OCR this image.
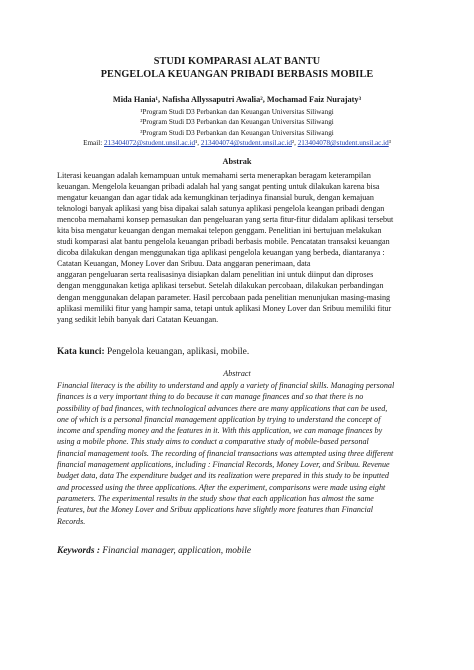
STUDI KOMPARASI ALAT BANTU
PENGELOLA KEUANGAN PRIBADI BERBASIS MOBILE
Mida Hania¹, Nafisha Allyssaputri Awalia², Mochamad Faiz Nurajaty³
¹Program Studi D3 Perbankan dan Keuangan Universitas Siliwangi
²Program Studi D3 Perbankan dan Keuangan Universitas Siliwangi
³Program Studi D3 Perbankan dan Keuangan Universitas Siliwangi
Email: 213404072@student.unsil.ac.id¹, 213404074@student.unsil.ac.id², 213404078@student.unsil.ac.id³
Abstrak
Literasi keuangan adalah kemampuan untuk memahami serta menerapkan beragam keterampilan
keuangan. Mengelola keuangan pribadi adalah hal yang sangat penting untuk dilakukan karena bisa
mengatur keuangan dan agar tidak ada kemungkinan terjadinya finansial buruk, dengan kemajuan
teknologi banyak aplikasi yang bisa dipakai salah satunya aplikasi pengelola keangan pribadi dengan
mencoba memahami konsep pemasukan dan pengeluaran yang serta fitur-fitur didalam aplikasi tersebut
kita bisa mengatur keuangan dengan memakai telepon genggam. Penelitian ini bertujuan melakukan
studi komparasi alat bantu pengelola keuangan pribadi berbasis mobile. Pencatatan transaksi keuangan
dicoba dilakukan dengan menggunakan tiga aplikasi pengelola keuangan yang berbeda, diantaranya :
Catatan Keuangan, Money Lover dan Sribuu. Data anggaran penerimaan, data
anggaran pengeluaran serta realisasinya disiapkan dalam penelitian ini untuk diinput dan diproses
dengan menggunakan ketiga aplikasi tersebut. Setelah dilakukan percobaan, dilakukan perbandingan
dengan menggunakan delapan parameter. Hasil percobaan pada penelitian menunjukan masing-masing
aplikasi memiliki fitur yang hampir sama, tetapi untuk aplikasi Money Lover dan Sribuu memiliki fitur
yang sedikit lebih banyak dari Catatan Keuangan.
Kata kunci: Pengelola keuangan, aplikasi, mobile.
Abstract
Financial literacy is the ability to understand and apply a variety of financial skills. Managing personal
finances is a very important thing to do because it can manage finances and so that there is no
possibility of bad finances, with technological advances there are many applications that can be used,
one of which is a personal financial management application by trying to understand the concept of
income and spending money and the features in it. With this application, we can manage finances by
using a mobile phone. This study aims to conduct a comparative study of mobile-based personal
financial management tools. The recording of financial transactions was attempted using three different
financial management applications, including : Financial Records, Money Lover, and Sribuu. Revenue
budget data, data The expenditure budget and its realization were prepared in this study to be inputted
and processed using the three applications. After the experiment, comparisons were made using eight
parameters. The experimental results in the study show that each application has almost the same
features, but the Money Lover and Sribuu applications have slightly more features than Financial
Records.
Keywords : Financial manager, application, mobile
